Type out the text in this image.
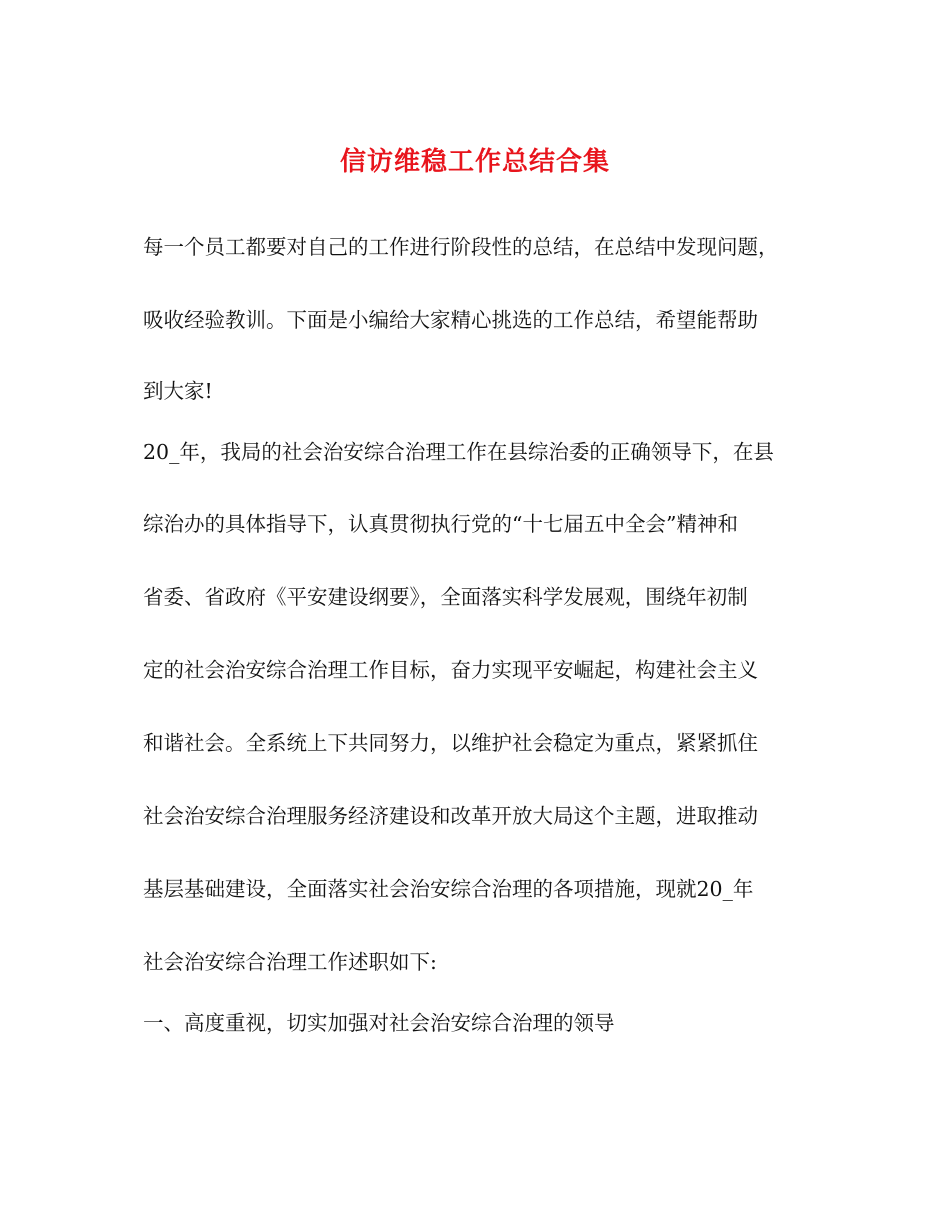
信访维稳工作总结合集

每一个员工都要对自己的工作进行阶段性的总结，在总结中发现问题，

吸收经验教训。下面是小编给大家精心挑选的工作总结，希望能帮助

到大家!

20_年，我局的社会治安综合治理工作在县综治委的正确领导下，在县

综治办的具体指导下，认真贯彻执行党的“十七届五中全会”精神和

省委、省政府《平安建设纲要》，全面落实科学发展观，围绕年初制

定的社会治安综合治理工作目标，奋力实现平安崛起，构建社会主义

和谐社会。全系统上下共同努力，以维护社会稳定为重点，紧紧抓住

社会治安综合治理服务经济建设和改革开放大局这个主题，进取推动

基层基础建设，全面落实社会治安综合治理的各项措施，现就20_年

社会治安综合治理工作述职如下:

一、高度重视，切实加强对社会治安综合治理的领导
